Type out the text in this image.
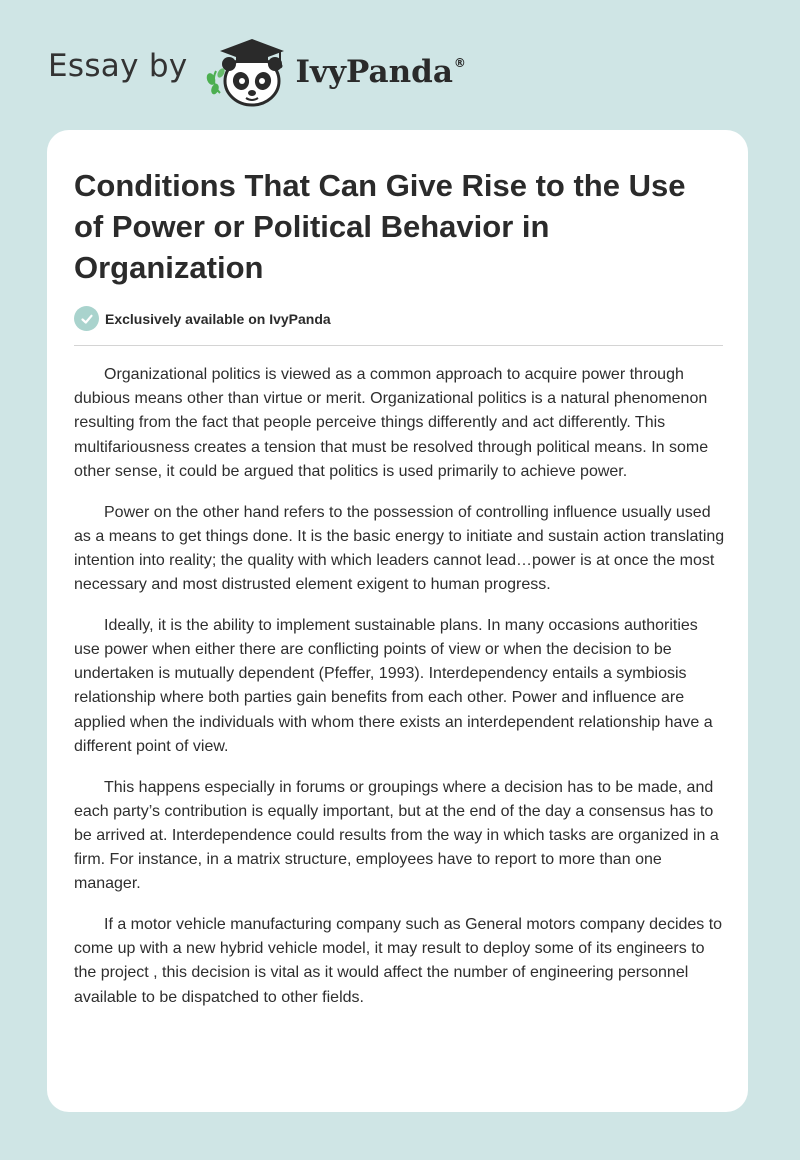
Essay by	IvyPanda®
Conditions That Can Give Rise to the Use of Power or Political Behavior in Organization
Exclusively available on IvyPanda

Organizational politics is viewed as a common approach to acquire power through dubious means other than virtue or merit. Organizational politics is a natural phenomenon resulting from the fact that people perceive things differently and act differently. This multifariousness creates a tension that must be resolved through political means. In some other sense, it could be argued that politics is used primarily to achieve power.

Power on the other hand refers to the possession of controlling influence usually used as a means to get things done. It is the basic energy to initiate and sustain action translating intention into reality; the quality with which leaders cannot lead…power is at once the most necessary and most distrusted element exigent to human progress.

Ideally, it is the ability to implement sustainable plans. In many occasions authorities use power when either there are conflicting points of view or when the decision to be undertaken is mutually dependent (Pfeffer, 1993). Interdependency entails a symbiosis relationship where both parties gain benefits from each other. Power and influence are applied when the individuals with whom there exists an interdependent relationship have a different point of view.

This happens especially in forums or groupings where a decision has to be made, and each party’s contribution is equally important, but at the end of the day a consensus has to be arrived at. Interdependence could results from the way in which tasks are organized in a firm. For instance, in a matrix structure, employees have to report to more than one manager.

If a motor vehicle manufacturing company such as General motors company decides to come up with a new hybrid vehicle model, it may result to deploy some of its engineers to the project , this decision is vital as it would affect the number of engineering personnel available to be dispatched to other fields.
